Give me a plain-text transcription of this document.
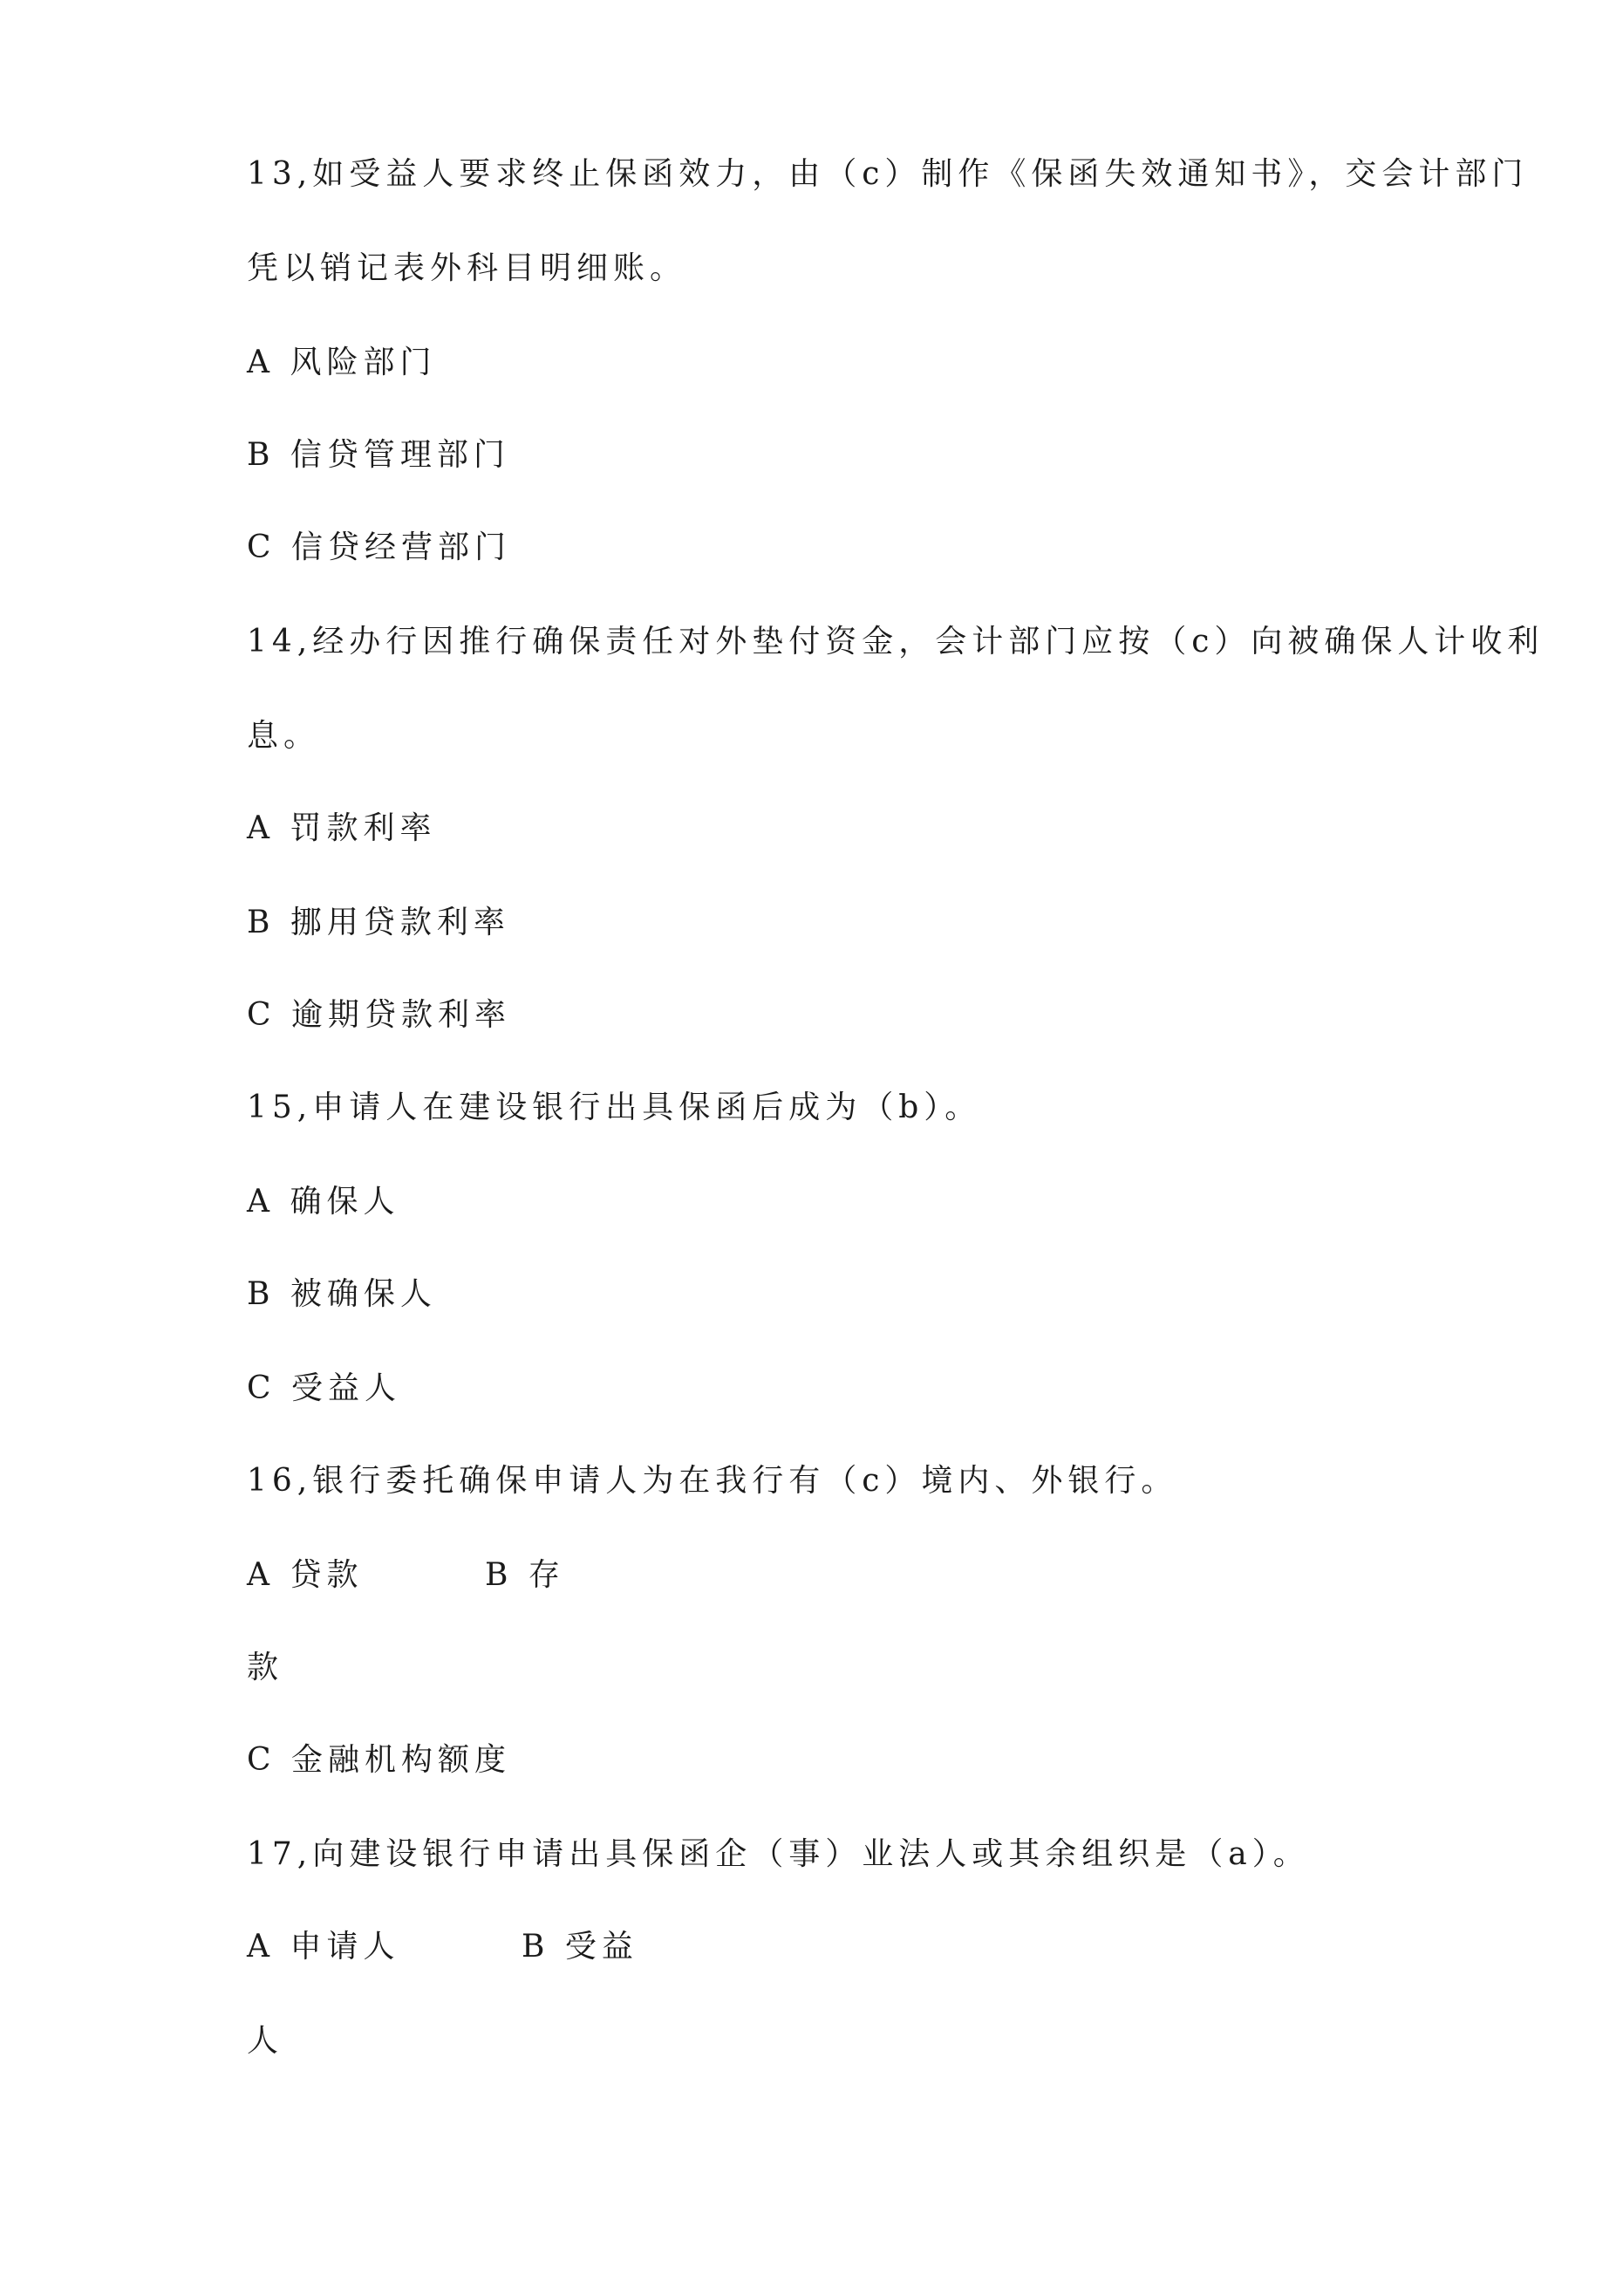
13,如受益人要求终止保函效力，由（c）制作《保函失效通知书》，交会计部门

凭以销记表外科目明细账。

A 风险部门

B 信贷管理部门

C 信贷经营部门

14,经办行因推行确保责任对外垫付资金，会计部门应按（c）向被确保人计收利

息。

A 罚款利率

B 挪用贷款利率

C 逾期贷款利率

15,申请人在建设银行出具保函后成为（b）。

A 确保人

B 被确保人

C 受益人

16,银行委托确保申请人为在我行有（c）境内、外银行。

A 贷款        B 存

款

C 金融机构额度

17,向建设银行申请出具保函企（事）业法人或其余组织是（a）。

A 申请人        B 受益

人
